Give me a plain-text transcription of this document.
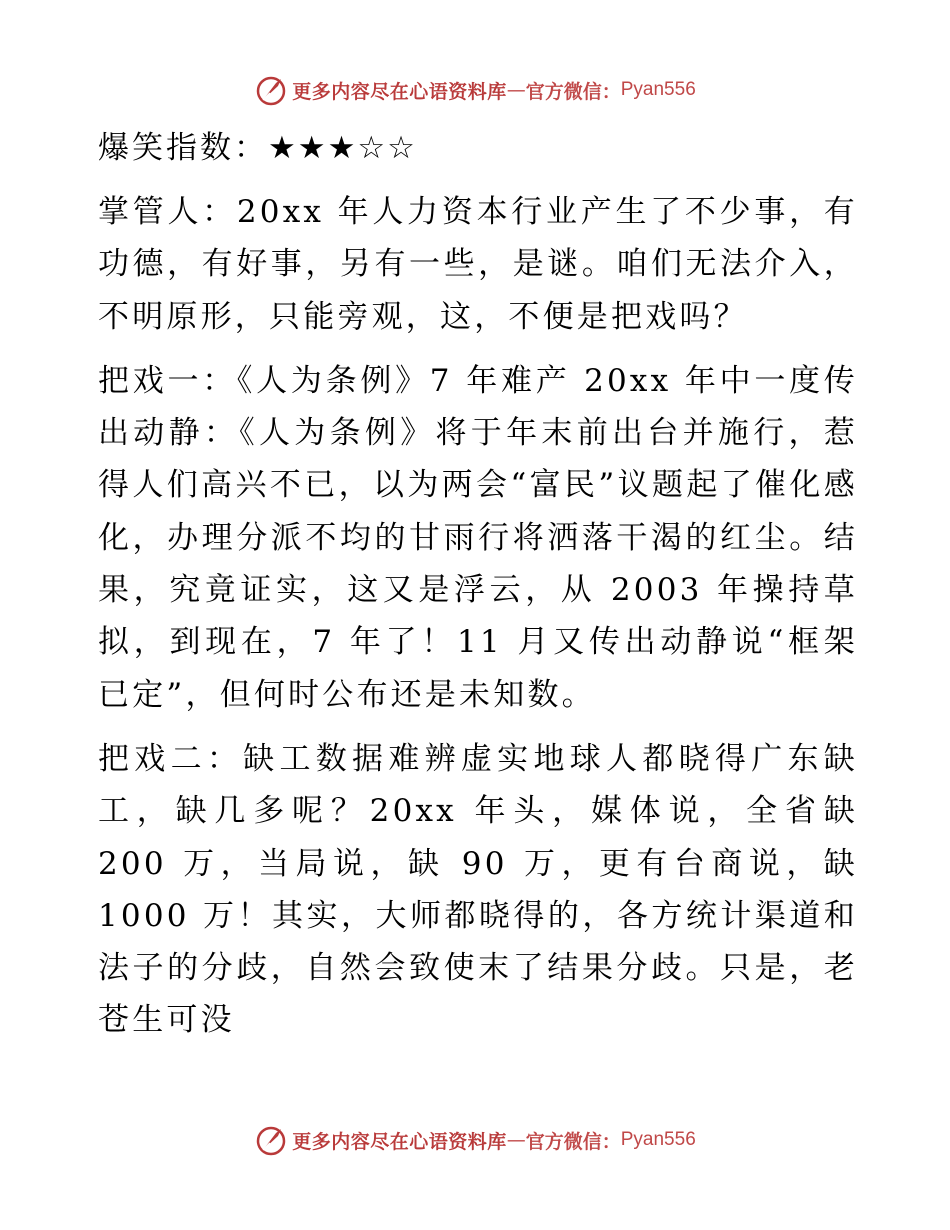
更多内容尽在心语资料库 — 官方微信： Pyan556
爆笑指数：★★★☆☆

掌管人：20xx 年人力资本行业产生了不少事，有功德，有好事，另有一些，是谜。咱们无法介入，不明原形，只能旁观，这，不便是把戏吗？

把戏一：《人为条例》7 年难产 20xx 年中一度传出动静：《人为条例》将于年末前出台并施行，惹得人们高兴不已，以为两会“富民”议题起了催化感化，办理分派不均的甘雨行将洒落干渴的红尘。结果，究竟证实，这又是浮云，从 2003 年操持草拟，到现在，7 年了！11 月又传出动静说“框架已定”，但何时公布还是未知数。

把戏二：缺工数据难辨虚实地球人都晓得广东缺工，缺几多呢？20xx 年头，媒体说，全省缺 200 万，当局说，缺 90 万，更有台商说，缺 1000 万！其实，大师都晓得的，各方统计渠道和法子的分歧，自然会致使末了结果分歧。只是，老苍生可没

更多内容尽在心语资料库 — 官方微信： Pyan556
